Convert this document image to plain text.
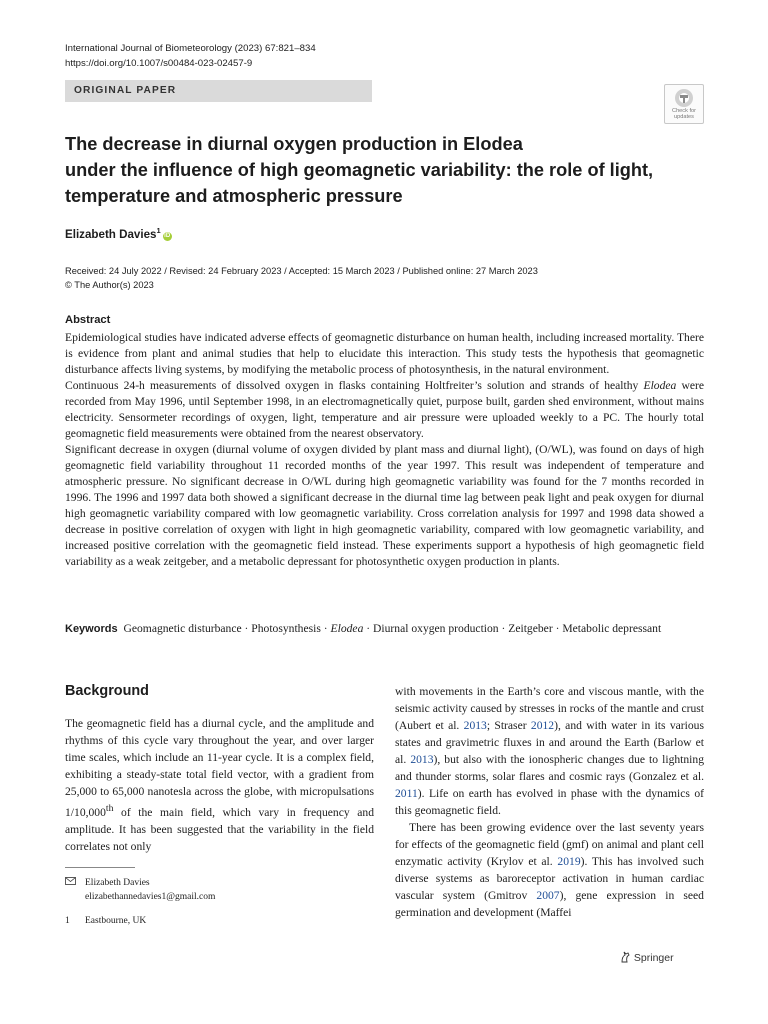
International Journal of Biometeorology (2023) 67:821–834
https://doi.org/10.1007/s00484-023-02457-9
ORIGINAL PAPER
Check for
updates
The decrease in diurnal oxygen production in Elodea
under the influence of high geomagnetic variability: the role of light,
temperature and atmospheric pressure
Elizabeth Davies$^1$iD
Received: 24 July 2022 / Revised: 24 February 2023 / Accepted: 15 March 2023 / Published online: 27 March 2023
© The Author(s) 2023
Abstract

Epidemiological studies have indicated adverse effects of geomagnetic disturbance on human health, including increased mortality. There is evidence from plant and animal studies that help to elucidate this interaction. This study tests the hypothesis that geomagnetic disturbance affects living systems, by modifying the metabolic process of photosynthesis, in the natural environment.

Continuous 24-h measurements of dissolved oxygen in flasks containing Holtfreiter’s solution and strands of healthy Elodea were recorded from May 1996, until September 1998, in an electromagnetically quiet, purpose built, garden shed environment, without mains electricity. Sensormeter recordings of oxygen, light, temperature and air pressure were uploaded weekly to a PC. The hourly total geomagnetic field measurements were obtained from the nearest observatory.

Significant decrease in oxygen (diurnal volume of oxygen divided by plant mass and diurnal light), (O/WL), was found on days of high geomagnetic field variability throughout 11 recorded months of the year 1997. This result was independent of temperature and atmospheric pressure. No significant decrease in O/WL during high geomagnetic variability was found for the 7 months recorded in 1996. The 1996 and 1997 data both showed a significant decrease in the diurnal time lag between peak light and peak oxygen for diurnal high geomagnetic variability compared with low geomagnetic variability. Cross correlation analysis for 1997 and 1998 data showed a decrease in positive correlation of oxygen with light in high geomagnetic variability, compared with low geomagnetic variability, and increased positive correlation with the geomagnetic field instead. These experiments support a hypothesis of high geomagnetic field variability as a weak zeitgeber, and a metabolic depressant for photosynthetic oxygen production in plants.

Keywords Geomagnetic disturbance · Photosynthesis · Elodea · Diurnal oxygen production · Zeitgeber · Metabolic depressant
Background

The geomagnetic field has a diurnal cycle, and the amplitude and rhythms of this cycle vary throughout the year, and over larger time scales, which include an 11-year cycle. It is a complex field, exhibiting a steady-state total field vector, with a gradient from 25,000 to 65,000 nanotesla across the globe, with micropulsations 1/10,000th of the main field, which vary in frequency and amplitude. It has been suggested that the variability in the field correlates not only

with movements in the Earth’s core and viscous mantle, with the seismic activity caused by stresses in rocks of the mantle and crust (Aubert et al. 2013; Straser 2012), and with water in its various states and gravimetric fluxes in and around the Earth (Barlow et al. 2013), but also with the ionospheric changes due to lightning and thunder storms, solar flares and cosmic rays (Gonzalez et al. 2011). Life on earth has evolved in phase with the dynamics of this geomagnetic field.

There has been growing evidence over the last seventy years for effects of the geomagnetic field (gmf) on animal and plant cell enzymatic activity (Krylov et al. 2019). This has involved such diverse systems as baroreceptor activation in human cardiac vascular system (Gmitrov 2007), gene expression in seed germination and development (Maffei

Elizabeth Davies
elizabethannedavies1@gmail.com
1 Eastbourne, UK
Springer
